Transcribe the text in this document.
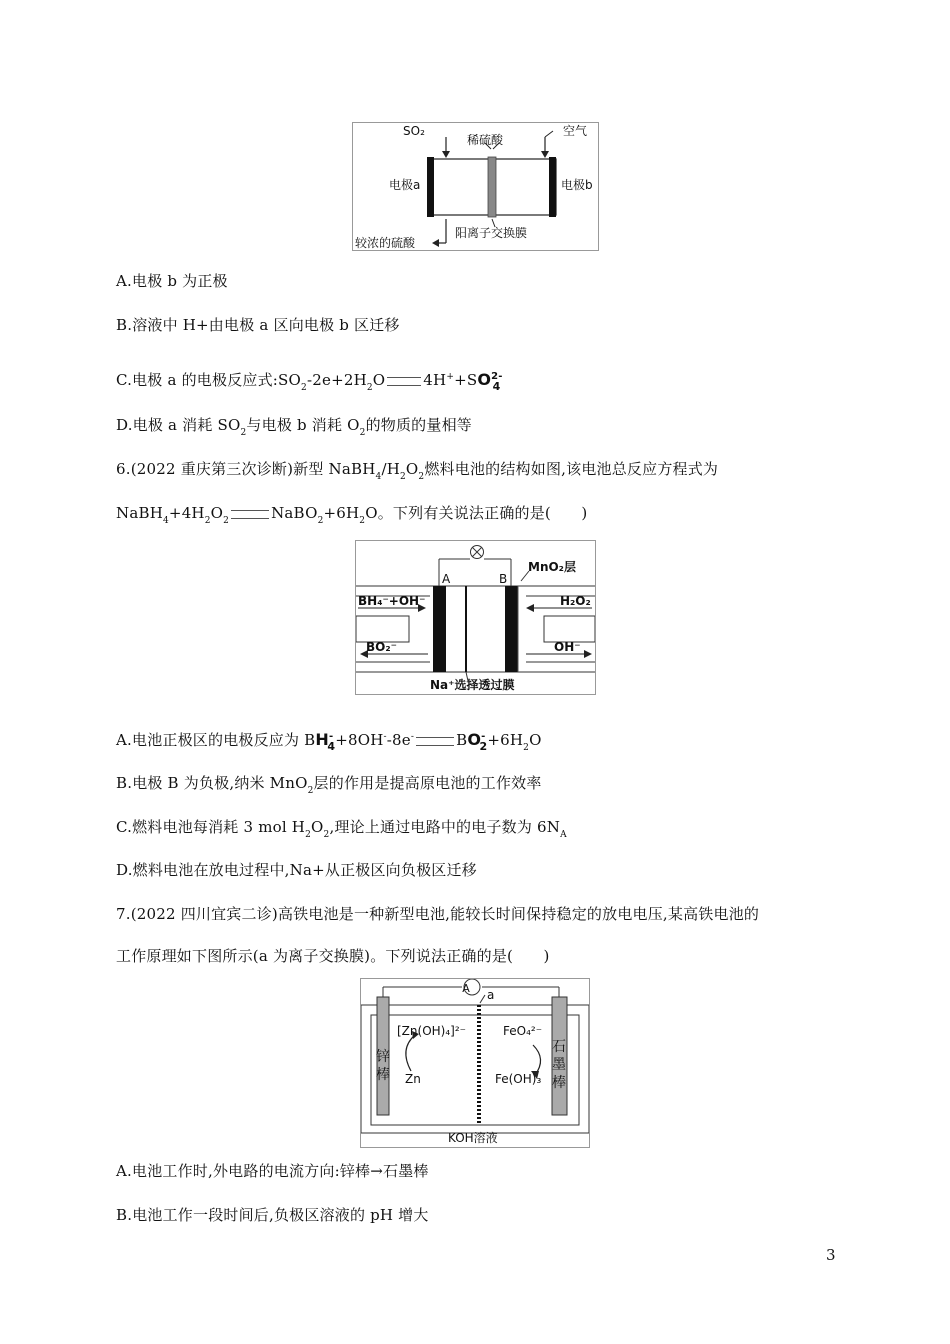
SO₂
稀硫酸
空气
电极a	电极b
较浓的硫酸
阳离子交换膜
A.电极 b 为正极
B.溶液中 H+由电极 a 区向电极 b 区迁移
C.电极 a 的电极反应式$:SO_2-2e+2H_2O$	$4H^++SO^{2-}_4$
D.电极 a 消耗 $SO_2$与电极 b 消耗 $O_2$的物质的量相等
6.(2022 重庆第三次诊断)新型 $NaBH_4/H_2O_2$燃料电池的结构如图,该电池总反应方程式为
$NaBH_4+4H_2O_2$	$NaBO_2+6H_2O$。下列有关说法正确的是(　　)
A	B
MnO₂层
BH₄⁻+OH⁻	H₂O₂
BO₂⁻	OH⁻
Na⁺选择透过膜
A.电池正极区的电极反应为 $BH^-_4+8OH^--8e^-$	$BO^-_2+6H_2O$
B.电极 B 为负极,纳米 MnO$_2$层的作用是提高原电池的工作效率
C.燃料电池每消耗 3 mol $H_2O_2$,理论上通过电路中的电子数为 $6N_A$
D.燃料电池在放电过程中,Na+从正极区向负极区迁移
7.(2022 四川宜宾二诊)高铁电池是一种新型电池,能较长时间保持稳定的放电电压,某高铁电池的
工作原理如下图所示(a 为离子交换膜)。下列说法正确的是(　　)
A a
锌
棒
[Zn(OH)₄]²⁻
Zn
FeO₄²⁻
Fe(OH)₃
石
墨
棒
KOH溶液
A.电池工作时,外电路的电流方向:锌棒→石墨棒
B.电池工作一段时间后,负极区溶液的 pH 增大
3
